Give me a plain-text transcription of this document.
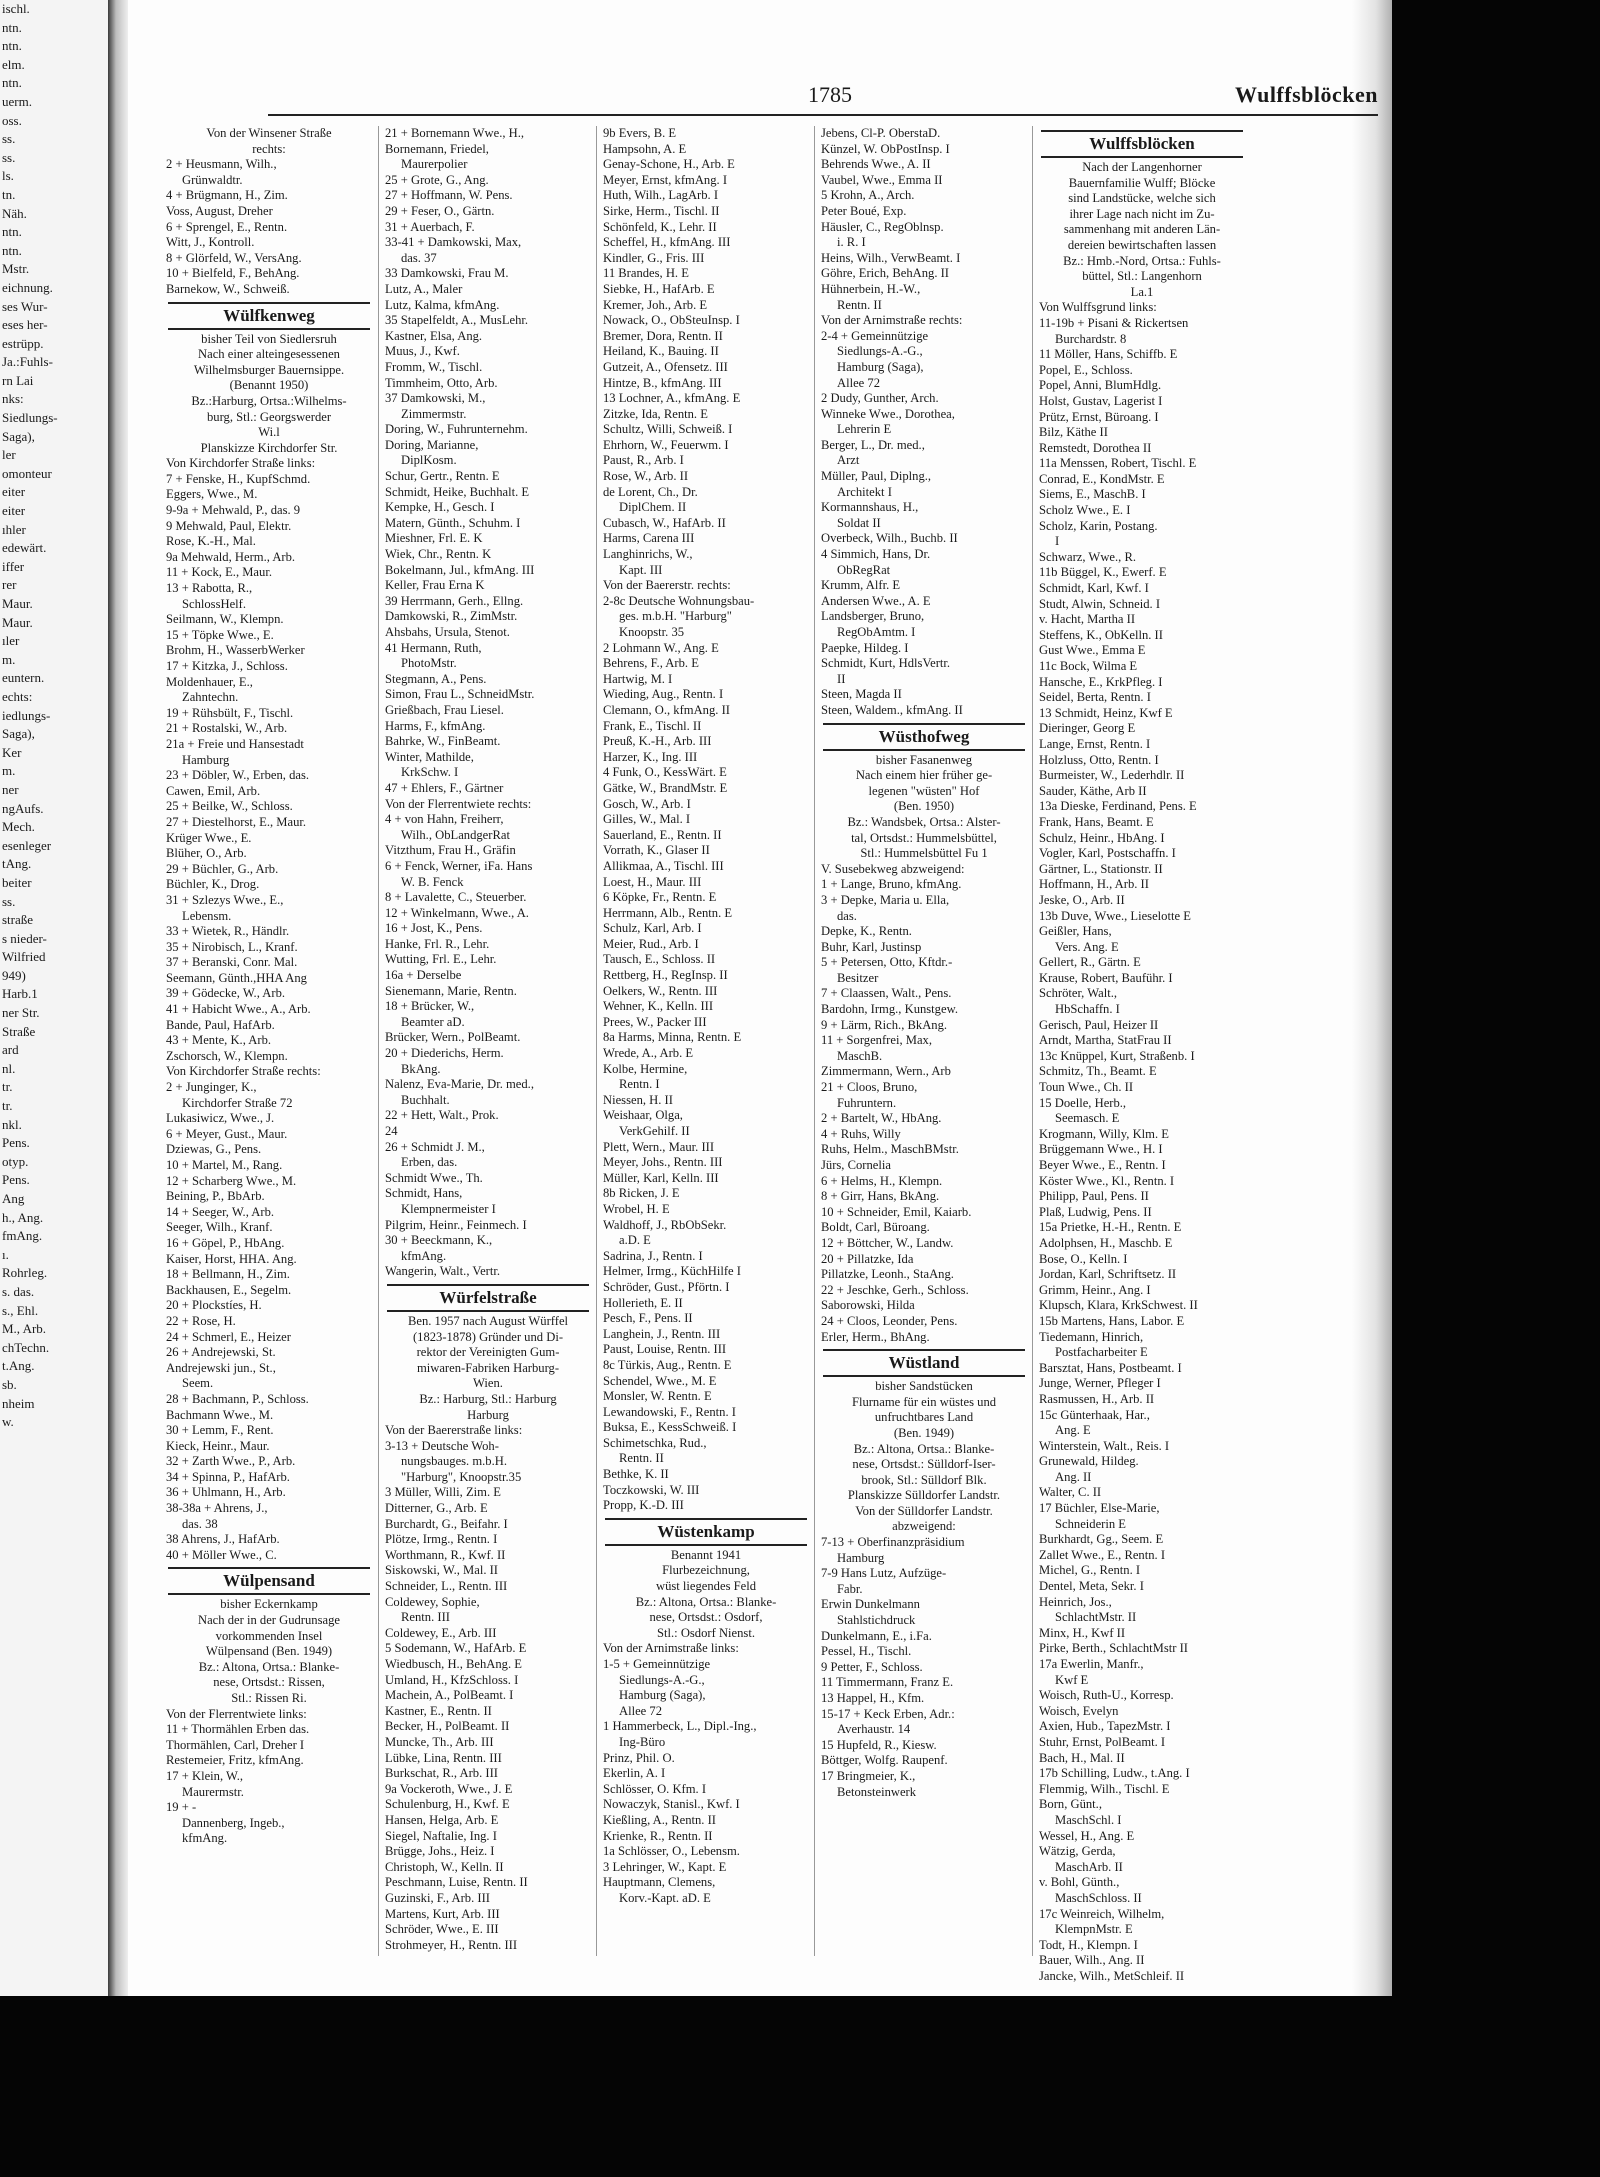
ischl.
ntn.
ntn.
elm.
ntn.
uerm.
oss.
ss.
ss.
ls.
tn.
Näh.
ntn.
ntn.
Mstr.
eichnung.
ses Wur-
eses her-
estrüpp.
Ja.:Fuhls-
rn Lai
nks:
Siedlungs-
Saga),
ler
omonteur
eiter
eiter
ıhler
edewärt.
iffer
rer
Maur.
Maur.
ıler
m.
euntern.
echts:
iedlungs-
Saga),
Ker
m.
ner
ngAufs.
Mech.
esenleger
tAng.
beiter
ss.
straße
s nieder-
Wilfried
949)
Harb.1
ner Str.
Straße
ard
nl.
tr.
tr.
nkl.
Pens.
otyp.
Pens.
Ang
h., Ang.
fmAng.
ı.
Rohrleg.
s. das.
s., Ehl.
M., Arb.
chTechn.
t.Ang.
sb.
nheim
w.
1785	Wulffsblöcken
Von der Winsener Straße
rechts:
2 + Heusmann, Wilh.,
Grünwaldtr.
4 + Brügmann, H., Zim.
Voss, August, Dreher
6 + Sprengel, E., Rentn.
Witt, J., Kontroll.
8 + Glörfeld, W., VersAng.
10 + Bielfeld, F., BehAng.
Barnekow, W., Schweiß.
Wülfkenweg
bisher Teil von Siedlersruh
Nach einer alteingesessenen
Wilhelmsburger Bauernsippe.
(Benannt 1950)
Bz.:Harburg, Ortsa.:Wilhelms-
burg, Stl.: Georgswerder
Wi.l
Planskizze Kirchdorfer Str.
Von Kirchdorfer Straße links:
7 + Fenske, H., KupfSchmd.
Eggers, Wwe., M.
9-9a + Mehwald, P., das. 9
9 Mehwald, Paul, Elektr.
Rose, K.-H., Mal.
9a Mehwald, Herm., Arb.
11 + Kock, E., Maur.
13 + Rabotta, R.,
SchlossHelf.
Seilmann, W., Klempn.
15 + Töpke Wwe., E.
Brohm, H., WasserbWerker
17 + Kitzka, J., Schloss.
Moldenhauer, E.,
Zahntechn.
19 + Rühsbült, F., Tischl.
21 + Rostalski, W., Arb.
21a + Freie und Hansestadt
Hamburg
23 + Döbler, W., Erben, das.
Cawen, Emil, Arb.
25 + Beilke, W., Schloss.
27 + Diestelhorst, E., Maur.
Krüger Wwe., E.
Blüher, O., Arb.
29 + Büchler, G., Arb.
Büchler, K., Drog.
31 + Szlezys Wwe., E.,
Lebensm.
33 + Wietek, R., Händlr.
35 + Nirobisch, L., Kranf.
37 + Beranski, Conr. Mal.
Seemann, Günth.,HHA Ang
39 + Gödecke, W., Arb.
41 + Habicht Wwe., A., Arb.
Bande, Paul, HafArb.
43 + Mente, K., Arb.
Zschorsch, W., Klempn.
Von Kirchdorfer Straße rechts:
2 + Junginger, K.,
Kirchdorfer Straße 72
Lukasiwicz, Wwe., J.
6 + Meyer, Gust., Maur.
Dziewas, G., Pens.
10 + Martel, M., Rang.
12 + Scharberg Wwe., M.
Beining, P., BbArb.
14 + Seeger, W., Arb.
Seeger, Wilh., Kranf.
16 + Göpel, P., HbAng.
Kaiser, Horst, HHA. Ang.
18 + Bellmann, H., Zim.
Backhausen, E., Segelm.
20 + Plockstíes, H.
22 + Rose, H.
24 + Schmerl, E., Heizer
26 + Andrejewski, St.
Andrejewski jun., St.,
Seem.
28 + Bachmann, P., Schloss.
Bachmann Wwe., M.
30 + Lemm, F., Rent.
Kieck, Heinr., Maur.
32 + Zarth Wwe., P., Arb.
34 + Spinna, P., HafArb.
36 + Uhlmann, H., Arb.
38-38a + Ahrens, J.,
das. 38
38 Ahrens, J., HafArb.
40 + Möller Wwe., C.
Wülpensand
bisher Eckernkamp
Nach der in der Gudrunsage
vorkommenden Insel
Wülpensand (Ben. 1949)
Bz.: Altona, Ortsa.: Blanke-
nese, Ortsdst.: Rissen,
Stl.: Rissen Ri.
Von der Flerrentwiete links:
11 + Thormählen Erben das.
Thormählen, Carl, Dreher I
Restemeier, Fritz, kfmAng.
17 + Klein, W.,
Maurermstr.
19 + -
Dannenberg, Ingeb.,
kfmAng.
21 + Bornemann Wwe., H.,
Bornemann, Friedel,
Maurerpolier
25 + Grote, G., Ang.
27 + Hoffmann, W. Pens.
29 + Feser, O., Gärtn.
31 + Auerbach, F.
33-41 + Damkowski, Max,
das. 37
33 Damkowski, Frau M.
Lutz, A., Maler
Lutz, Kalma, kfmAng.
35 Stapelfeldt, A., MusLehr.
Kastner, Elsa, Ang.
Muus, J., Kwf.
Fromm, W., Tischl.
Timmheim, Otto, Arb.
37 Damkowski, M.,
Zimmermstr.
Doring, W., Fuhrunternehm.
Doring, Marianne,
DiplKosm.
Schur, Gertr., Rentn. E
Schmidt, Heike, Buchhalt. E
Kempke, H., Gesch. I
Matern, Günth., Schuhm. I
Mieshner, Frl. E. K
Wiek, Chr., Rentn. K
Bokelmann, Jul., kfmAng. III
Keller, Frau Erna K
39 Herrmann, Gerh., Ellng.
Damkowski, R., ZimMstr.
Ahsbahs, Ursula, Stenot.
41 Hermann, Ruth,
PhotoMstr.
Stegmann, A., Pens.
Simon, Frau L., SchneidMstr.
Grießbach, Frau Liesel.
Harms, F., kfmAng.
Bahrke, W., FinBeamt.
Winter, Mathilde,
KrkSchw. I
47 + Ehlers, F., Gärtner
Von der Flerrentwiete rechts:
4 + von Hahn, Freiherr,
Wilh., ObLandgerRat
Vitzthum, Frau H., Gräfin
6 + Fenck, Werner, iFa. Hans
W. B. Fenck
8 + Lavalette, C., Steuerber.
12 + Winkelmann, Wwe., A.
16 + Jost, K., Pens.
Hanke, Frl. R., Lehr.
Wutting, Frl. E., Lehr.
16a + Derselbe
Sienemann, Marie, Rentn.
18 + Brücker, W.,
Beamter aD.
Brücker, Wern., PolBeamt.
20 + Diederichs, Herm.
BkAng.
Nalenz, Eva-Marie, Dr. med.,
Buchhalt.
22 + Hett, Walt., Prok.
24
26 + Schmidt J. M.,
Erben, das.
Schmidt Wwe., Th.
Schmidt, Hans,
Klempnermeister I
Pilgrim, Heinr., Feinmech. I
30 + Beeckmann, K.,
kfmAng.
Wangerin, Walt., Vertr.
Würfelstraße
Ben. 1957 nach August Würffel
(1823-1878) Gründer und Di-
rektor der Vereinigten Gum-
miwaren-Fabriken Harburg-
Wien.
Bz.: Harburg, Stl.: Harburg
Harburg
Von der Baererstraße links:
3-13 + Deutsche Woh-
nungsbauges. m.b.H.
"Harburg", Knoopstr.35
3 Müller, Willi, Zim. E
Ditterner, G., Arb. E
Burchardt, G., Beifahr. I
Plötze, Irmg., Rentn. I
Worthmann, R., Kwf. II
Siskowski, W., Mal. II
Schneider, L., Rentn. III
Coldewey, Sophie,
Rentn. III
Coldewey, E., Arb. III
5 Sodemann, W., HafArb. E
Wiedbusch, H., BehAng. E
Umland, H., KfzSchloss. I
Machein, A., PolBeamt. I
Kastner, E., Rentn. II
Becker, H., PolBeamt. II
Muncke, Th., Arb. III
Lübke, Lina, Rentn. III
Burkschat, R., Arb. III
9a Vockeroth, Wwe., J. E
Schulenburg, H., Kwf. E
Hansen, Helga, Arb. E
Siegel, Naftalie, Ing. I
Brügge, Johs., Heiz. I
Christoph, W., Kelln. II
Peschmann, Luise, Rentn. II
Guzinski, F., Arb. III
Martens, Kurt, Arb. III
Schröder, Wwe., E. III
Strohmeyer, H., Rentn. III
9b Evers, B. E
Hampsohn, A. E
Genay-Schone, H., Arb. E
Meyer, Ernst, kfmAng. I
Huth, Wilh., LagArb. I
Sirke, Herm., Tischl. II
Schönfeld, K., Lehr. II
Scheffel, H., kfmAng. III
Kindler, G., Fris. III
11 Brandes, H. E
Siebke, H., HafArb. E
Kremer, Joh., Arb. E
Nowack, O., ObSteuInsp. I
Bremer, Dora, Rentn. II
Heiland, K., Bauing. II
Gutzeit, A., Ofensetz. III
Hintze, B., kfmAng. III
13 Lochner, A., kfmAng. E
Zitzke, Ida, Rentn. E
Schultz, Willi, Schweiß. I
Ehrhorn, W., Feuerwm. I
Paust, R., Arb. I
Rose, W., Arb. II
de Lorent, Ch., Dr.
DiplChem. II
Cubasch, W., HafArb. II
Harms, Carena III
Langhinrichs, W.,
Kapt. III
Von der Baererstr. rechts:
2-8c Deutsche Wohnungsbau-
ges. m.b.H. "Harburg"
Knoopstr. 35
2 Lohmann W., Ang. E
Behrens, F., Arb. E
Hartwig, M. I
Wieding, Aug., Rentn. I
Clemann, O., kfmAng. II
Frank, E., Tischl. II
Preuß, K.-H., Arb. III
Harzer, K., Ing. III
4 Funk, O., KessWärt. E
Gätke, W., BrandMstr. E
Gosch, W., Arb. I
Gilles, W., Mal. I
Sauerland, E., Rentn. II
Vorrath, K., Glaser II
Allikmaa, A., Tischl. III
Loest, H., Maur. III
6 Köpke, Fr., Rentn. E
Herrmann, Alb., Rentn. E
Schulz, Karl, Arb. I
Meier, Rud., Arb. I
Tausch, E., Schloss. II
Rettberg, H., RegInsp. II
Oelkers, W., Rentn. III
Wehner, K., Kelln. III
Prees, W., Packer III
8a Harms, Minna, Rentn. E
Wrede, A., Arb. E
Kolbe, Hermine,
Rentn. I
Niessen, H. II
Weishaar, Olga,
VerkGehilf. II
Plett, Wern., Maur. III
Meyer, Johs., Rentn. III
Müller, Karl, Kelln. III
8b Ricken, J. E
Wrobel, H. E
Waldhoff, J., RbObSekr.
a.D. E
Sadrina, J., Rentn. I
Helmer, Irmg., KüchHilfe I
Schröder, Gust., Pförtn. I
Hollerieth, E. II
Pesch, F., Pens. II
Langhein, J., Rentn. III
Paust, Louise, Rentn. III
8c Türkis, Aug., Rentn. E
Schendel, Wwe., M. E
Monsler, W. Rentn. E
Lewandowski, F., Rentn. I
Buksa, E., KessSchweiß. I
Schimetschka, Rud.,
Rentn. II
Bethke, K. II
Toczkowski, W. III
Propp, K.-D. III
Wüstenkamp
Benannt 1941
Flurbezeichnung,
wüst liegendes Feld
Bz.: Altona, Ortsa.: Blanke-
nese, Ortsdst.: Osdorf,
Stl.: Osdorf Nienst.
Von der Arnimstraße links:
1-5 + Gemeinnützige
Siedlungs-A.-G.,
Hamburg (Saga),
Allee 72
1 Hammerbeck, L., Dipl.-Ing.,
Ing-Büro
Prinz, Phil. O.
Ekerlin, A. I
Schlösser, O. Kfm. I
Nowaczyk, Stanisl., Kwf. I
Kießling, A., Rentn. II
Krienke, R., Rentn. II
1a Schlösser, O., Lebensm.
3 Lehringer, W., Kapt. E
Hauptmann, Clemens,
Korv.-Kapt. aD. E
Jebens, Cl-P. OberstaD.
Künzel, W. ObPostInsp. I
Behrends Wwe., A. II
Vaubel, Wwe., Emma II
5 Krohn, A., Arch.
Peter Boué, Exp.
Häusler, C., RegOblnsp.
i. R. I
Heins, Wilh., VerwBeamt. I
Göhre, Erich, BehAng. II
Hühnerbein, H.-W.,
Rentn. II
Von der Arnimstraße rechts:
2-4 + Gemeinnützige
Siedlungs-A.-G.,
Hamburg (Saga),
Allee 72
2 Dudy, Gunther, Arch.
Winneke Wwe., Dorothea,
Lehrerin E
Berger, L., Dr. med.,
Arzt
Müller, Paul, Diplng.,
Architekt I
Kormannshaus, H.,
Soldat II
Overbeck, Wilh., Buchb. II
4 Simmich, Hans, Dr.
ObRegRat
Krumm, Alfr. E
Andersen Wwe., A. E
Landsberger, Bruno,
RegObAmtm. I
Paepke, Hildeg. I
Schmidt, Kurt, HdlsVertr.
II
Steen, Magda II
Steen, Waldem., kfmAng. II
Wüsthofweg
bisher Fasanenweg
Nach einem hier früher ge-
legenen "wüsten" Hof
(Ben. 1950)
Bz.: Wandsbek, Ortsa.: Alster-
tal, Ortsdst.: Hummelsbüttel,
Stl.: Hummelsbüttel Fu 1
V. Susebekweg abzweigend:
1 + Lange, Bruno, kfmAng.
3 + Depke, Maria u. Ella,
das.
Depke, K., Rentn.
Buhr, Karl, Justinsp
5 + Petersen, Otto, Kftdr.-
Besitzer
7 + Claassen, Walt., Pens.
Bardohn, Irmg., Kunstgew.
9 + Lärm, Rich., BkAng.
11 + Sorgenfrei, Max,
MaschB.
Zimmermann, Wern., Arb
21 + Cloos, Bruno,
Fuhruntern.
2 + Bartelt, W., HbAng.
4 + Ruhs, Willy
Ruhs, Helm., MaschBMstr.
Jürs, Cornelia
6 + Helms, H., Klempn.
8 + Girr, Hans, BkAng.
10 + Schneider, Emil, Kaiarb.
Boldt, Carl, Büroang.
12 + Böttcher, W., Landw.
20 + Pillatzke, Ida
Pillatzke, Leonh., StaAng.
22 + Jeschke, Gerh., Schloss.
Saborowski, Hilda
24 + Cloos, Leonder, Pens.
Erler, Herm., BhAng.
Wüstland
bisher Sandstücken
Flurname für ein wüstes und
unfruchtbares Land
(Ben. 1949)
Bz.: Altona, Ortsa.: Blanke-
nese, Ortsdst.: Sülldorf-Iser-
brook, Stl.: Sülldorf Blk.
Planskizze Sülldorfer Landstr.
Von der Sülldorfer Landstr.
abzweigend:
7-13 + Oberfinanzpräsidium
Hamburg
7-9 Hans Lutz, Aufzüge-
Fabr.
Erwin Dunkelmann
Stahlstichdruck
Dunkelmann, E., i.Fa.
Pessel, H., Tischl.
9 Petter, F., Schloss.
11 Timmermann, Franz E.
13 Happel, H., Kfm.
15-17 + Keck Erben, Adr.:
Averhaustr. 14
15 Hupfeld, R., Kiesw.
Böttger, Wolfg. Raupenf.
17 Bringmeier, K.,
Betonsteinwerk
Wulffsblöcken
Nach der Langenhorner
Bauernfamilie Wulff; Blöcke
sind Landstücke, welche sich
ihrer Lage nach nicht im Zu-
sammenhang mit anderen Län-
dereien bewirtschaften lassen
Bz.: Hmb.-Nord, Ortsa.: Fuhls-
büttel, Stl.: Langenhorn
La.1
Von Wulffsgrund links:
11-19b + Pisani & Rickertsen
Burchardstr. 8
11 Möller, Hans, Schiffb. E
Popel, E., Schloss.
Popel, Anni, BlumHdlg.
Holst, Gustav, Lagerist I
Prütz, Ernst, Büroang. I
Bilz, Käthe II
Remstedt, Dorothea II
11a Menssen, Robert, Tischl. E
Conrad, E., KondMstr. E
Siems, E., MaschB. I
Scholz Wwe., E. I
Scholz, Karin, Postang.
I
Schwarz, Wwe., R.
11b Büggel, K., Ewerf. E
Schmidt, Karl, Kwf. I
Studt, Alwin, Schneid. I
v. Hacht, Martha II
Steffens, K., ObKelln. II
Gust Wwe., Emma E
11c Bock, Wilma E
Hansche, E., KrkPfleg. I
Seidel, Berta, Rentn. I
13 Schmidt, Heinz, Kwf E
Dieringer, Georg E
Lange, Ernst, Rentn. I
Holzluss, Otto, Rentn. I
Burmeister, W., Lederhdlr. II
Sauder, Käthe, Arb II
13a Dieske, Ferdinand, Pens. E
Frank, Hans, Beamt. E
Schulz, Heinr., HbAng. I
Vogler, Karl, Postschaffn. I
Gärtner, L., Stationstr. II
Hoffmann, H., Arb. II
Jeske, O., Arb. II
13b Duve, Wwe., Lieselotte E
Geißler, Hans,
Vers. Ang. E
Gellert, R., Gärtn. E
Krause, Robert, Bauführ. I
Schröter, Walt.,
HbSchaffn. I
Gerisch, Paul, Heizer II
Arndt, Martha, StatFrau II
13c Knüppel, Kurt, Straßenb. I
Schmitz, Th., Beamt. E
Toun Wwe., Ch. II
15 Doelle, Herb.,
Seemasch. E
Krogmann, Willy, Klm. E
Brüggemann Wwe., H. I
Beyer Wwe., E., Rentn. I
Köster Wwe., Kl., Rentn. I
Philipp, Paul, Pens. II
Plaß, Ludwig, Pens. II
15a Prietke, H.-H., Rentn. E
Adolphsen, H., Maschb. E
Bose, O., Kelln. I
Jordan, Karl, Schriftsetz. II
Grimm, Heinr., Ang. I
Klupsch, Klara, KrkSchwest. II
15b Martens, Hans, Labor. E
Tiedemann, Hinrich,
Postfacharbeiter E
Barsztat, Hans, Postbeamt. I
Junge, Werner, Pfleger I
Rasmussen, H., Arb. II
15c Günterhaak, Har.,
Ang. E
Winterstein, Walt., Reis. I
Grunewald, Hildeg.
Ang. II
Walter, C. II
17 Büchler, Else-Marie,
Schneiderin E
Burkhardt, Gg., Seem. E
Zallet Wwe., E., Rentn. I
Michel, G., Rentn. I
Dentel, Meta, Sekr. I
Heinrich, Jos.,
SchlachtMstr. II
Minx, H., Kwf II
Pirke, Berth., SchlachtMstr II
17a Ewerlin, Manfr.,
Kwf E
Woisch, Ruth-U., Korresp.
Woisch, Evelyn
Axien, Hub., TapezMstr. I
Stuhr, Ernst, PolBeamt. I
Bach, H., Mal. II
17b Schilling, Ludw., t.Ang. I
Flemmig, Wilh., Tischl. E
Born, Günt.,
MaschSchl. I
Wessel, H., Ang. E
Wätzig, Gerda,
MaschArb. II
v. Bohl, Günth.,
MaschSchloss. II
17c Weinreich, Wilhelm,
KlempnMstr. E
Todt, H., Klempn. I
Bauer, Wilh., Ang. II
Jancke, Wilh., MetSchleif. II
